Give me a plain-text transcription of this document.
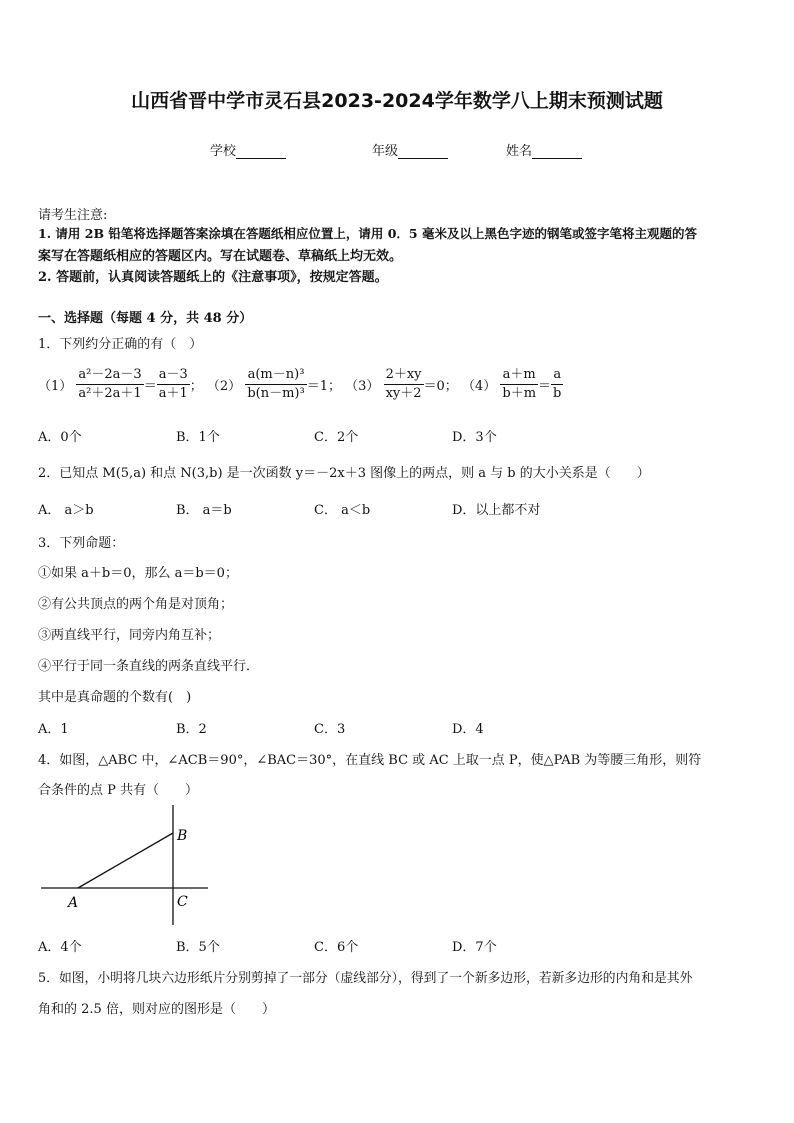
山西省晋中学市灵石县2023-2024学年数学八上期末预测试题
学校	年级	姓名
请考生注意:
1. 请用 2B 铅笔将选择题答案涂填在答题纸相应位置上，请用 0．5 毫米及以上黑色字迹的钢笔或签字笔将主观题的答
案写在答题纸相应的答题区内。写在试题卷、草稿纸上均无效。
2. 答题前，认真阅读答题纸上的《注意事项》，按规定答题。
一、选择题（每题 4 分，共 48 分）
1．下列约分正确的有（　）
$(1) \frac{\text{a²－2a－3}}{\text{a²＋2a＋1}} = \frac{a-3}{a+1}$ ； $(2) \frac{\text{a(m－n)³}}{\text{b(n－m)³}} =1$； $(3) \frac{2+xy}{xy+2} =0$； $(4) \frac{a+m}{b+m} = \frac{a}{b}$
A．0个	B．1个	C．2个	D．3个
2．已知点 M(5,a) 和点 N(3,b) 是一次函数 y＝－2x＋3 图像上的两点，则 a 与 b 的大小关系是（　　）
A． a＞b	B． a＝b	C． a＜b	D．以上都不对
3．下列命题：
①如果 a＋b＝0，那么 a＝b＝0；
②有公共顶点的两个角是对顶角；
③两直线平行，同旁内角互补；
④平行于同一条直线的两条直线平行．
其中是真命题的个数有(　)
A．1	B．2	C．3	D．4
4．如图，△ABC 中，∠ACB＝90°，∠BAC＝30°，在直线 BC 或 AC 上取一点 P，使△PAB 为等腰三角形，则符
合条件的点 P 共有（　　）
A
B
C
A．4个	B．5个	C．6个	D．7个
5．如图，小明将几块六边形纸片分别剪掉了一部分（虚线部分），得到了一个新多边形，若新多边形的内角和是其外
角和的 2.5 倍，则对应的图形是（　　）
